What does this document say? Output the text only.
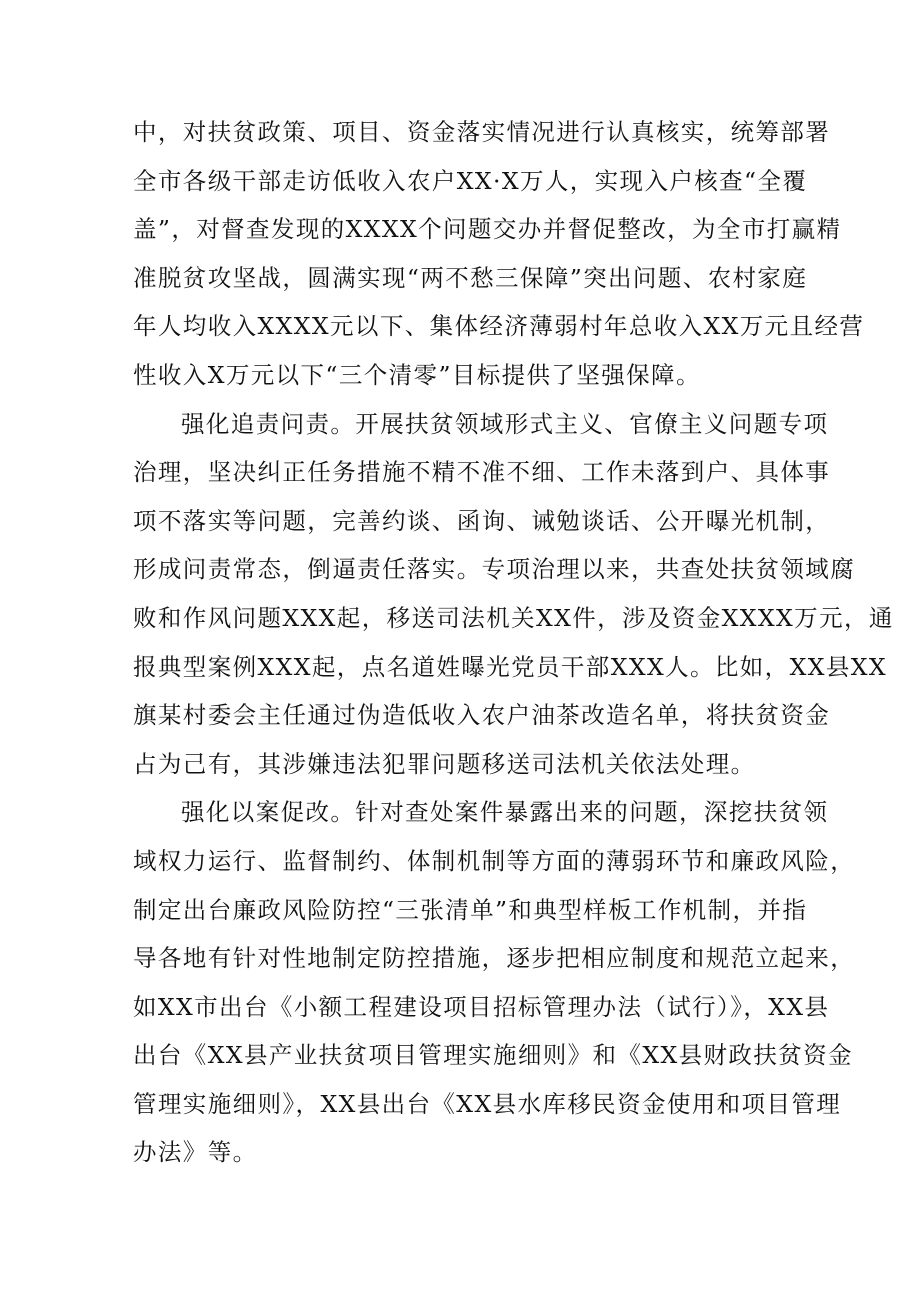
中，对扶贫政策、项目、资金落实情况进行认真核实，统筹部署
全市各级干部走访低收入农户XX·X万人，实现入户核查“全覆
盖”，对督查发现的XXXX个问题交办并督促整改，为全市打赢精
准脱贫攻坚战，圆满实现“两不愁三保障”突出问题、农村家庭
年人均收入XXXX元以下、集体经济薄弱村年总收入XX万元且经营
性收入X万元以下“三个清零”目标提供了坚强保障。
强化追责问责。开展扶贫领域形式主义、官僚主义问题专项
治理，坚决纠正任务措施不精不准不细、工作未落到户、具体事
项不落实等问题，完善约谈、函询、诫勉谈话、公开曝光机制，
形成问责常态，倒逼责任落实。专项治理以来，共查处扶贫领域腐
败和作风问题XXX起，移送司法机关XX件，涉及资金XXXX万元，通
报典型案例XXX起，点名道姓曝光党员干部XXX人。比如，XX县XX
旗某村委会主任通过伪造低收入农户油茶改造名单，将扶贫资金
占为己有，其涉嫌违法犯罪问题移送司法机关依法处理。
强化以案促改。针对查处案件暴露出来的问题，深挖扶贫领
域权力运行、监督制约、体制机制等方面的薄弱环节和廉政风险，
制定出台廉政风险防控“三张清单”和典型样板工作机制，并指
导各地有针对性地制定防控措施，逐步把相应制度和规范立起来，
如XX市出台《小额工程建设项目招标管理办法（试行）》，XX县
出台《XX县产业扶贫项目管理实施细则》和《XX县财政扶贫资金
管理实施细则》，XX县出台《XX县水库移民资金使用和项目管理
办法》等。
